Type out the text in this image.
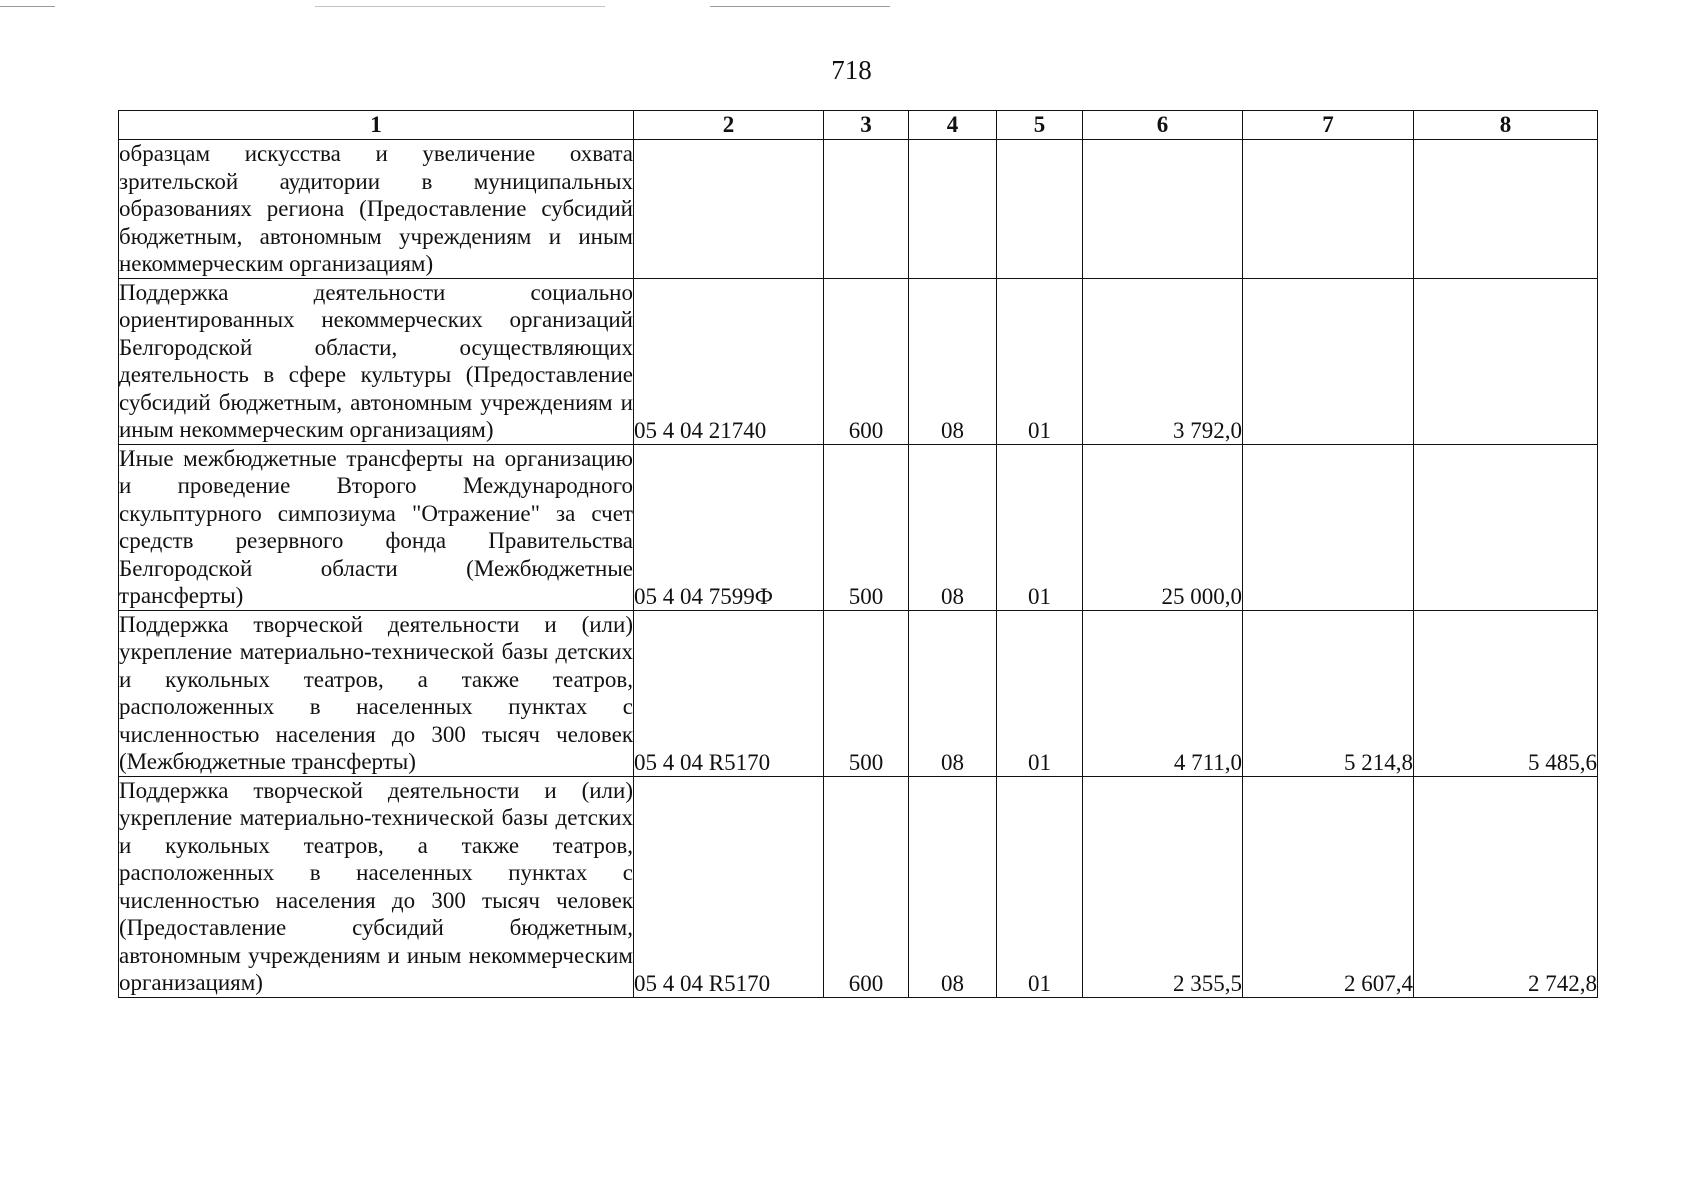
718
1	2	3	4	5	6	7	8
образцам искусства и увеличение охвата зрительской аудитории в муниципальных образованиях региона (Предоставление субсидий бюджетным, автономным учреждениям и иным некоммерческим организациям)							
Поддержка деятельности социально ориентированных некоммерческих организаций Белгородской области, осуществляющих деятельность в сфере культуры (Предоставление субсидий бюджетным, автономным учреждениям и иным некоммерческим организациям)	05 4 04 21740	600	08	01	3 792,0		
Иные межбюджетные трансферты на организацию и проведение Второго Международного скульптурного симпозиума "Отражение" за счет средств резервного фонда Правительства Белгородской области (Межбюджетные трансферты)	05 4 04 7599Ф	500	08	01	25 000,0		
Поддержка творческой деятельности и (или) укрепление материально-технической базы детских и кукольных театров, а также театров, расположенных в населенных пунктах с численностью населения до 300 тысяч человек (Межбюджетные трансферты)	05 4 04 R5170	500	08	01	4 711,0	5 214,8	5 485,6
Поддержка творческой деятельности и (или) укрепление материально-технической базы детских и кукольных театров, а также театров, расположенных в населенных пунктах с численностью населения до 300 тысяч человек (Предоставление субсидий бюджетным, автономным учреждениям и иным некоммерческим организациям)	05 4 04 R5170	600	08	01	2 355,5	2 607,4	2 742,8
